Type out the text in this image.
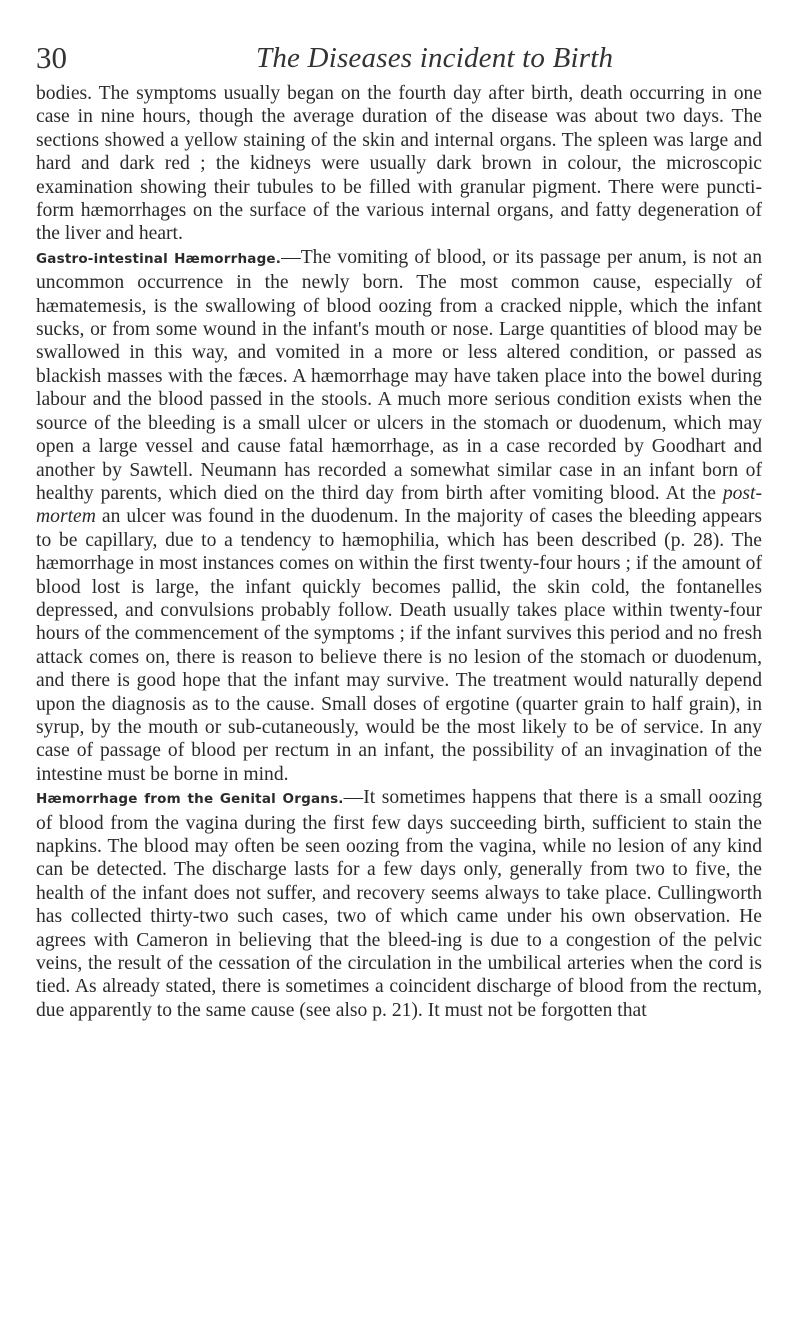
30	The Diseases incident to Birth

bodies. The symptoms usually began on the fourth day after birth, death occurring in one case in nine hours, though the average duration of the disease was about two days. The sections showed a yellow staining of the skin and internal organs. The spleen was large and hard and dark red ; the kidneys were usually dark brown in colour, the microscopic examination showing their tubules to be filled with granular pigment. There were puncti-form hæmorrhages on the surface of the various internal organs, and fatty degeneration of the liver and heart.

Gastro-intestinal Hæmorrhage.—The vomiting of blood, or its passage per anum, is not an uncommon occurrence in the newly born. The most common cause, especially of hæmatemesis, is the swallowing of blood oozing from a cracked nipple, which the infant sucks, or from some wound in the infant's mouth or nose. Large quantities of blood may be swallowed in this way, and vomited in a more or less altered condition, or passed as blackish masses with the fæces. A hæmorrhage may have taken place into the bowel during labour and the blood passed in the stools. A much more serious condition exists when the source of the bleeding is a small ulcer or ulcers in the stomach or duodenum, which may open a large vessel and cause fatal hæmorrhage, as in a case recorded by Goodhart and another by Sawtell. Neumann has recorded a somewhat similar case in an infant born of healthy parents, which died on the third day from birth after vomiting blood. At the post-mortem an ulcer was found in the duodenum. In the majority of cases the bleeding appears to be capillary, due to a tendency to hæmophilia, which has been described (p. 28). The hæmorrhage in most instances comes on within the first twenty-four hours ; if the amount of blood lost is large, the infant quickly becomes pallid, the skin cold, the fontanelles depressed, and convulsions probably follow. Death usually takes place within twenty-four hours of the commencement of the symptoms ; if the infant survives this period and no fresh attack comes on, there is reason to believe there is no lesion of the stomach or duodenum, and there is good hope that the infant may survive. The treatment would naturally depend upon the diagnosis as to the cause. Small doses of ergotine (quarter grain to half grain), in syrup, by the mouth or sub-cutaneously, would be the most likely to be of service. In any case of passage of blood per rectum in an infant, the possibility of an invagination of the intestine must be borne in mind.

Hæmorrhage from the Genital Organs.—It sometimes happens that there is a small oozing of blood from the vagina during the first few days succeeding birth, sufficient to stain the napkins. The blood may often be seen oozing from the vagina, while no lesion of any kind can be detected. The discharge lasts for a few days only, generally from two to five, the health of the infant does not suffer, and recovery seems always to take place. Cullingworth has collected thirty-two such cases, two of which came under his own observation. He agrees with Cameron in believing that the bleed-ing is due to a congestion of the pelvic veins, the result of the cessation of the circulation in the umbilical arteries when the cord is tied. As already stated, there is sometimes a coincident discharge of blood from the rectum, due apparently to the same cause (see also p. 21). It must not be forgotten that
